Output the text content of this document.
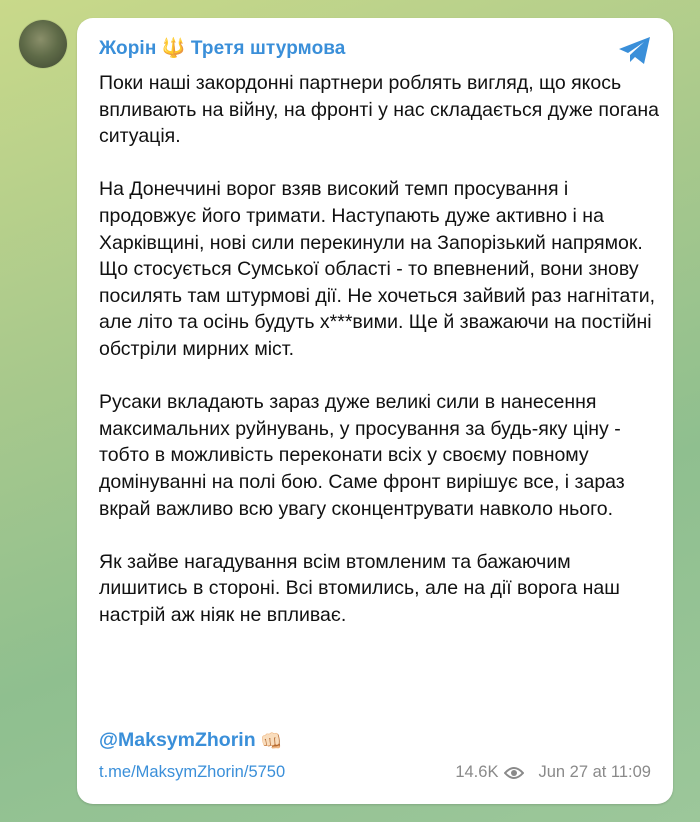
Жорін 🔱 Третя штурмова

Поки наші закордонні партнери роблять вигляд, що якось впливають на війну, на фронті у нас складається дуже погана ситуація.

На Донеччині ворог взяв високий темп просування і продовжує його тримати. Наступають дуже активно і на Харківщині, нові сили перекинули на Запорізький напрямок. Що стосується Сумської області - то впевнений, вони знову посилять там штурмові дії. Не хочеться зайвий раз нагнітати, але літо та осінь будуть х***вими. Ще й зважаючи на постійні обстріли мирних міст.

Русаки вкладають зараз дуже великі сили в нанесення максимальних руйнувань, у просування за будь-яку ціну - тобто в можливість переконати всіх у своєму повному домінуванні на полі бою. Саме фронт вирішує все, і зараз вкрай важливо всю увагу сконцентрувати навколо нього.

Як зайве нагадування всім втомленим та бажаючим лишитись в стороні. Всі втомились, але на дії ворога наш настрій аж ніяк не впливає.

@MaksymZhorin 👊🏻
t.me/MaksymZhorin/5750	14.6K Jun 27 at 11:09
